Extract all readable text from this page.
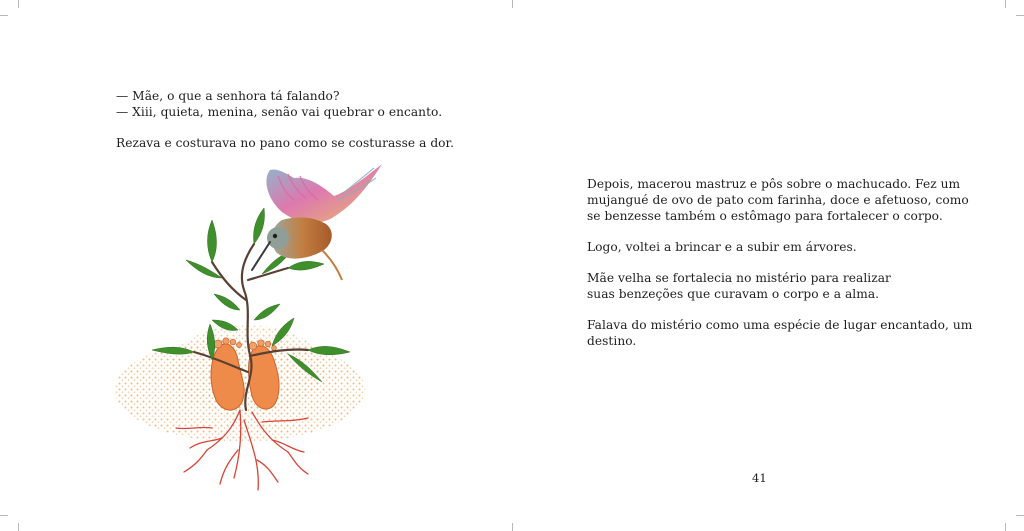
— Mãe, o que a senhora tá falando?

— Xiii, quieta, menina, senão vai quebrar o encanto.

Rezava e costurava no pano como se costurasse a dor.

Depois, macerou mastruz e pôs sobre o machucado. Fez um

mujangué de ovo de pato com farinha, doce e afetuoso, como

se benzesse também o estômago para fortalecer o corpo.

Logo, voltei a brincar e a subir em árvores.

Mãe velha se fortalecia no mistério para realizar

suas benzeções que curavam o corpo e a alma.

Falava do mistério como uma espécie de lugar encantado, um

destino.

41
